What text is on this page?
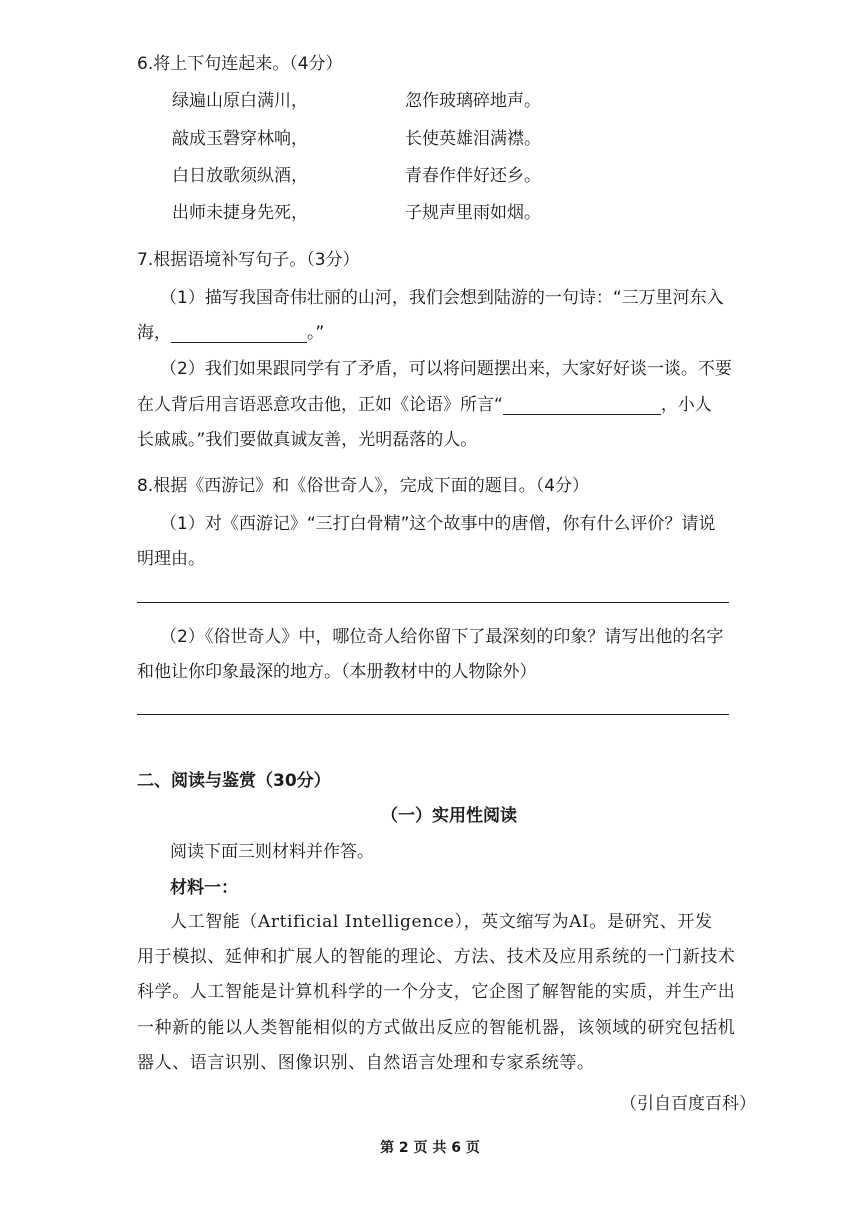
6.将上下句连起来。（4分）
绿遍山原白满川，	忽作玻璃碎地声。
敲成玉磬穿林响，	长使英雄泪满襟。
白日放歌须纵酒，	青春作伴好还乡。
出师未捷身先死，	子规声里雨如烟。
7.根据语境补写句子。（3分）
（1）描写我国奇伟壮丽的山河，我们会想到陆游的一句诗：“三万里河东入
海，	。”
（2）我们如果跟同学有了矛盾，可以将问题摆出来，大家好好谈一谈。不要
在人背后用言语恶意攻击他，正如《论语》所言“	，小人
长戚戚。”我们要做真诚友善，光明磊落的人。
8.根据《西游记》和《俗世奇人》，完成下面的题目。（4分）
（1）对《西游记》“三打白骨精”这个故事中的唐僧，你有什么评价？请说
明理由。
（2）《俗世奇人》中，哪位奇人给你留下了最深刻的印象？请写出他的名字
和他让你印象最深的地方。（本册教材中的人物除外）
二、阅读与鉴赏（30分）
（一）实用性阅读
阅读下面三则材料并作答。
材料一：
人工智能（Artificial Intelligence），英文缩写为AI。是研究、开发
用于模拟、延伸和扩展人的智能的理论、方法、技术及应用系统的一门新技术
科学。人工智能是计算机科学的一个分支，它企图了解智能的实质，并生产出
一种新的能以人类智能相似的方式做出反应的智能机器，该领域的研究包括机
器人、语言识别、图像识别、自然语言处理和专家系统等。
（引自百度百科）
第 2 页 共 6 页
